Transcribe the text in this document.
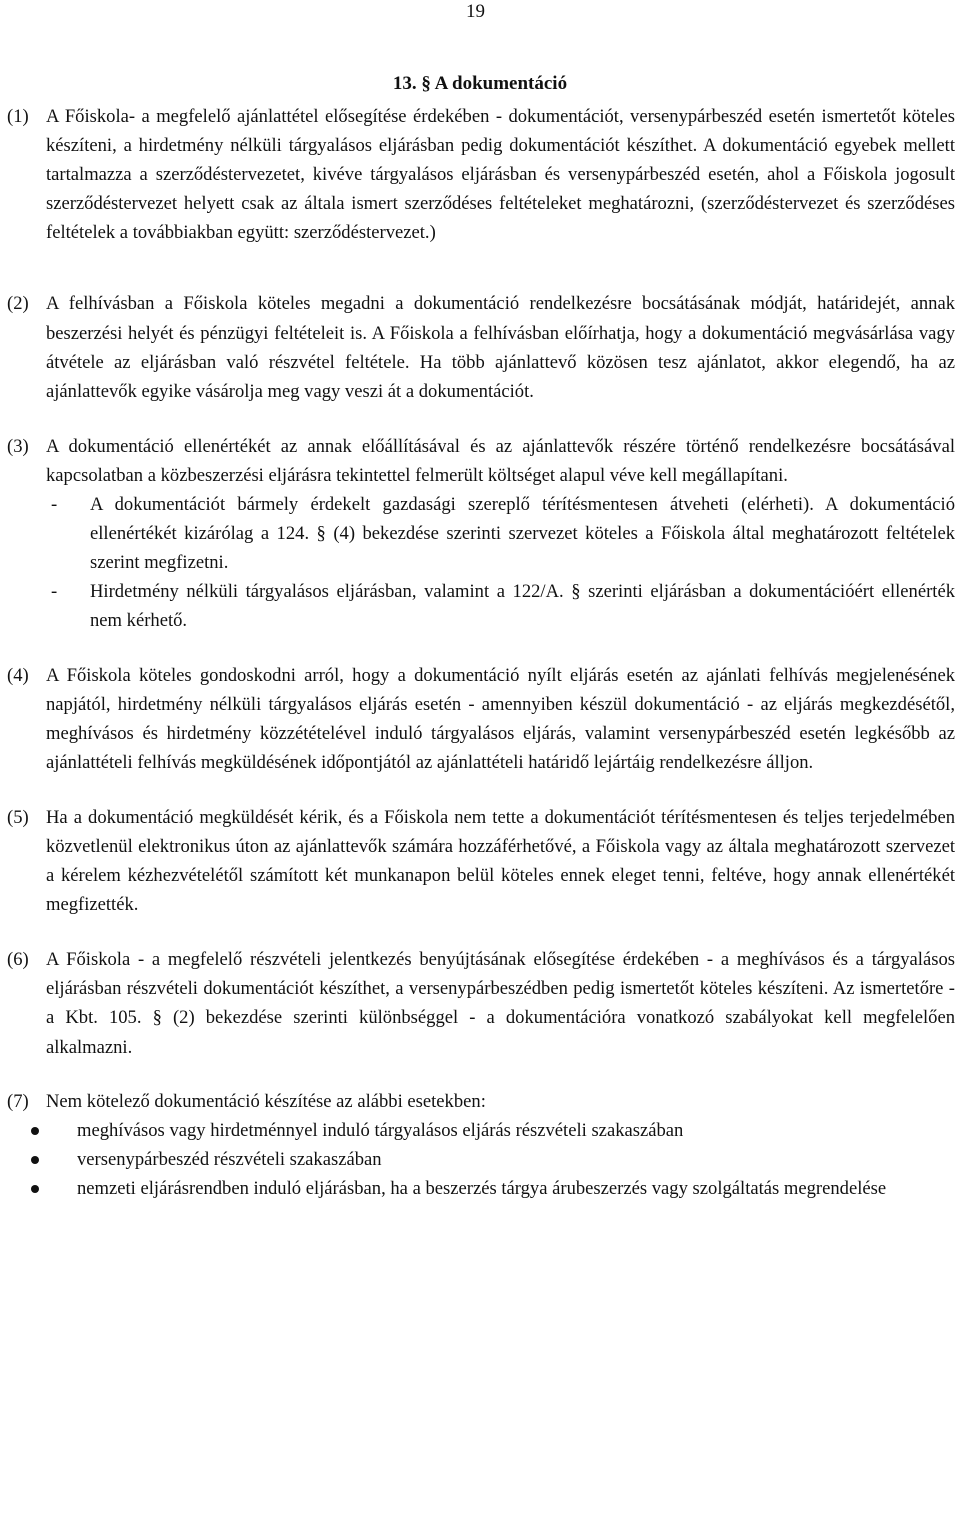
19
13. § A dokumentáció
(1) A Főiskola- a megfelelő ajánlattétel elősegítése érdekében - dokumentációt, versenypárbeszéd esetén ismertetőt köteles készíteni, a hirdetmény nélküli tárgyalásos eljárásban pedig dokumentációt készíthet. A dokumentáció egyebek mellett tartalmazza a szerződéstervezetet, kivéve tárgyalásos eljárásban és versenypárbeszéd esetén, ahol a Főiskola jogosult szerződéstervezet helyett csak az általa ismert szerződéses feltételeket meghatározni, (szerződéstervezet és szerződéses feltételek a továbbiakban együtt: szerződéstervezet.)
(2) A felhívásban a Főiskola köteles megadni a dokumentáció rendelkezésre bocsátásának módját, határidejét, annak beszerzési helyét és pénzügyi feltételeit is. A Főiskola a felhívásban előírhatja, hogy a dokumentáció megvásárlása vagy átvétele az eljárásban való részvétel feltétele. Ha több ajánlattevő közösen tesz ajánlatot, akkor elegendő, ha az ajánlattevők egyike vásárolja meg vagy veszi át a dokumentációt.
(3) A dokumentáció ellenértékét az annak előállításával és az ajánlattevők részére történő rendelkezésre bocsátásával kapcsolatban a közbeszerzési eljárásra tekintettel felmerült költséget alapul véve kell megállapítani.
- A dokumentációt bármely érdekelt gazdasági szereplő térítésmentesen átveheti (elérheti). A dokumentáció ellenértékét kizárólag a 124. § (4) bekezdése szerinti szervezet köteles a Főiskola által meghatározott feltételek szerint megfizetni.
- Hirdetmény nélküli tárgyalásos eljárásban, valamint a 122/A. § szerinti eljárásban a dokumentációért ellenérték nem kérhető.
(4) A Főiskola köteles gondoskodni arról, hogy a dokumentáció nyílt eljárás esetén az ajánlati felhívás megjelenésének napjától, hirdetmény nélküli tárgyalásos eljárás esetén - amennyiben készül dokumentáció - az eljárás megkezdésétől, meghívásos és hirdetmény közzétételével induló tárgyalásos eljárás, valamint versenypárbeszéd esetén legkésőbb az ajánlattételi felhívás megküldésének időpontjától az ajánlattételi határidő lejártáig rendelkezésre álljon.
(5) Ha a dokumentáció megküldését kérik, és a Főiskola nem tette a dokumentációt térítésmentesen és teljes terjedelmében közvetlenül elektronikus úton az ajánlattevők számára hozzáférhetővé, a Főiskola vagy az általa meghatározott szervezet a kérelem kézhezvételétől számított két munkanapon belül köteles ennek eleget tenni, feltéve, hogy annak ellenértékét megfizették.
(6) A Főiskola - a megfelelő részvételi jelentkezés benyújtásának elősegítése érdekében - a meghívásos és a tárgyalásos eljárásban részvételi dokumentációt készíthet, a versenypárbeszédben pedig ismertetőt köteles készíteni. Az ismertetőre - a Kbt. 105. § (2) bekezdése szerinti különbséggel - a dokumentációra vonatkozó szabályokat kell megfelelően alkalmazni.
(7) Nem kötelező dokumentáció készítése az alábbi esetekben:
meghívásos vagy hirdetménnyel induló tárgyalásos eljárás részvételi szakaszában
versenypárbeszéd részvételi szakaszában
nemzeti eljárásrendben induló eljárásban, ha a beszerzés tárgya árubeszerzés vagy szolgáltatás megrendelése
